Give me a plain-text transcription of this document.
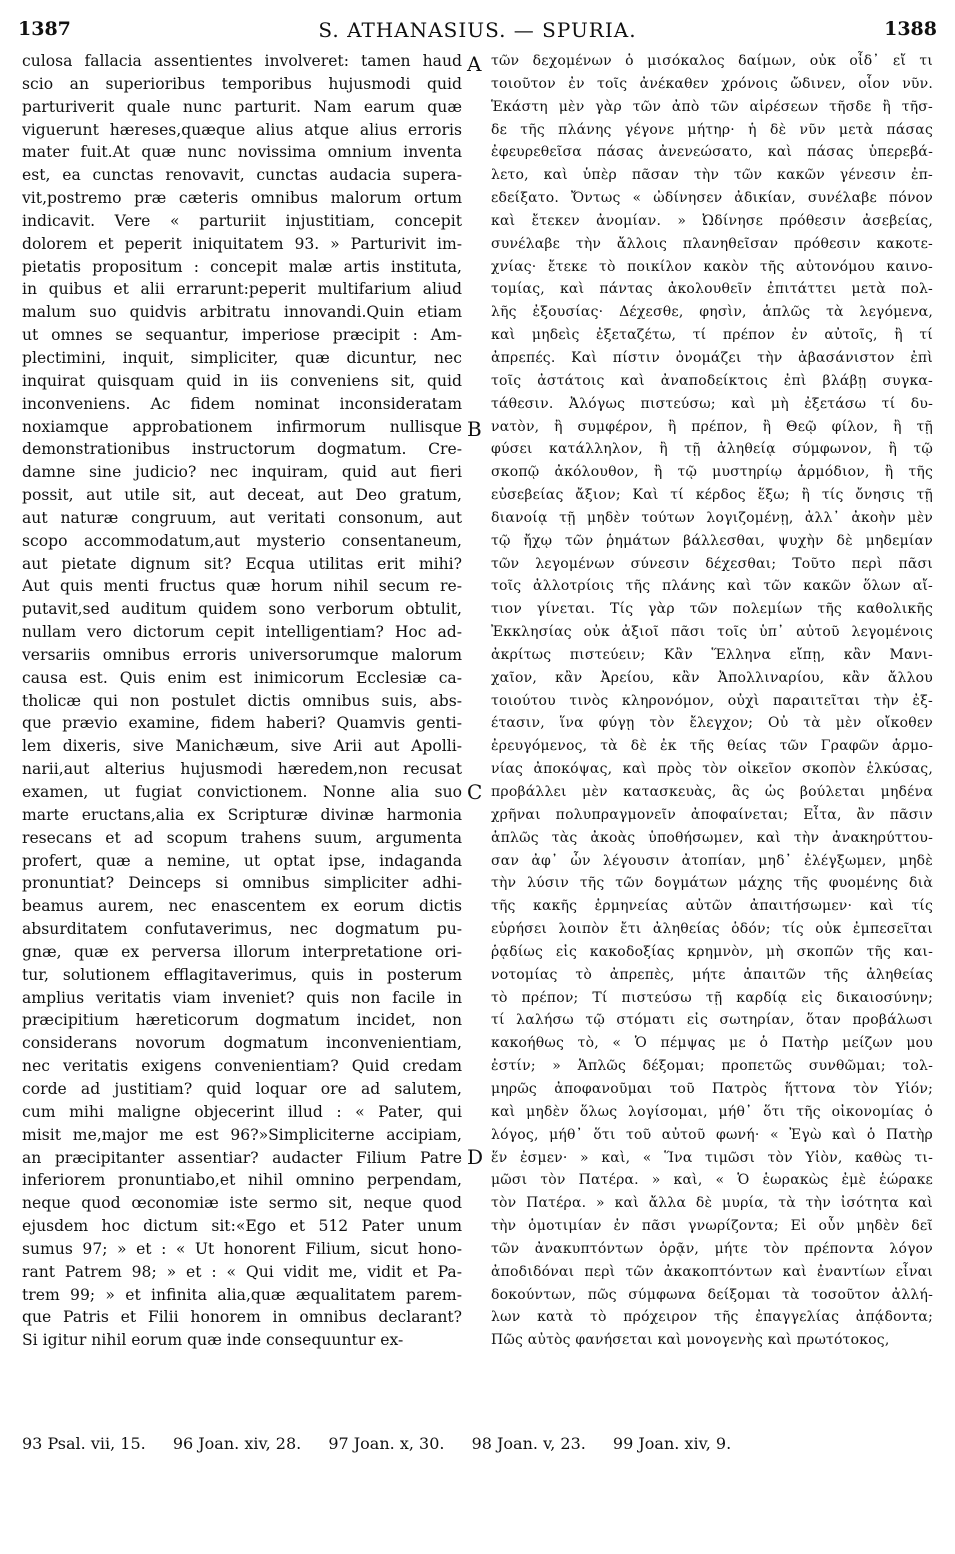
1387	S. ATHANASIUS. — SPURIA.	1388
culosa fallacia assentientes involveret: tamen haud
scio an superioribus temporibus hujusmodi quid
parturiverit quale nunc parturit. Nam earum quæ
viguerunt hæreses,quæque alius atque alius erroris
mater fuit.At quæ nunc novissima omnium inventa
est, ea cunctas renovavit, cunctas audacia supera-
vit,postremo præ cæteris omnibus malorum ortum
indicavit. Vere « parturiit injustitiam, concepit
dolorem et peperit iniquitatem 93. » Parturivit im-
pietatis propositum : concepit malæ artis instituta,
in quibus et alii errarunt:peperit multifarium aliud
malum suo quidvis arbitratu innovandi.Quin etiam
ut omnes se sequantur, imperiose præcipit : Am-
plectimini, inquit, simpliciter, quæ dicuntur, nec
inquirat quisquam quid in iis conveniens sit, quid
inconveniens. Ac fidem nominat inconsideratam
noxiamque approbationem infirmorum nullisque
demonstrationibus instructorum dogmatum. Cre-
damne sine judicio? nec inquiram, quid aut fieri
possit, aut utile sit, aut deceat, aut Deo gratum,
aut naturæ congruum, aut veritati consonum, aut
scopo accommodatum,aut mysterio consentaneum,
aut pietate dignum sit? Ecqua utilitas erit mihi?
Aut quis menti fructus quæ horum nihil secum re-
putavit,sed auditum quidem sono verborum obtulit,
nullam vero dictorum cepit intelligentiam? Hoc ad-
versariis omnibus erroris universorumque malorum
causa est. Quis enim est inimicorum Ecclesiæ ca-
tholicæ qui non postulet dictis omnibus suis, abs-
que prævio examine, fidem haberi? Quamvis genti-
lem dixeris, sive Manichæum, sive Arii aut Apolli-
narii,aut alterius hujusmodi hæredem,non recusat
examen, ut fugiat convictionem. Nonne alia suo
marte eructans,alia ex Scripturæ divinæ harmonia
resecans et ad scopum trahens suum, argumenta
profert, quæ a nemine, ut optat ipse, indaganda
pronuntiat? Deinceps si omnibus simpliciter adhi-
beamus aurem, nec enascentem ex eorum dictis
absurditatem confutaverimus, nec dogmatum pu-
gnæ, quæ ex perversa illorum interpretatione ori-
tur, solutionem efflagitaverimus, quis in posterum
amplius veritatis viam inveniet? quis non facile in
præcipitium hæreticorum dogmatum incidet, non
considerans novorum dogmatum inconvenientiam,
nec veritatis exigens convenientiam? Quid credam
corde ad justitiam? quid loquar ore ad salutem,
cum mihi maligne objecerint illud : « Pater, qui
misit me,major me est 96?»Simpliciterne accipiam,
an præcipitanter assentiar? audacter Filium Patre
inferiorem pronuntiabo,et nihil omnino perpendam,
neque quod œconomiæ iste sermo sit, neque quod
ejusdem hoc dictum sit:«Ego et 512 Pater unum
sumus 97; » et : « Ut honorent Filium, sicut hono-
rant Patrem 98; » et : « Qui vidit me, vidit et Pa-
trem 99; » et infinita alia,quæ æqualitatem parem-
que Patris et Filii honorem in omnibus declarant?
Si igitur nihil eorum quæ inde consequuntur ex-
τῶν δεχομένων ὁ μισόκαλος δαίμων, οὐκ οἶδ᾽ εἴ τι
τοιοῦτον ἐν τοῖς ἀνέκαθεν χρόνοις ὤδινεν, οἷον νῦν.
Ἑκάστη μὲν γὰρ τῶν ἀπὸ τῶν αἱρέσεων τῆσδε ἢ τῆσ-
δε τῆς πλάνης γέγονε μήτηρ· ἡ δὲ νῦν μετὰ πάσας
ἐφευρεθεῖσα πάσας ἀνενεώσατο, καὶ πάσας ὑπερεβά-
λετο, καὶ ὑπὲρ πᾶσαν τὴν τῶν κακῶν γένεσιν ἐπ-
εδείξατο. Ὄντως « ὠδίνησεν ἀδικίαν, συνέλαβε πόνον
καὶ ἔτεκεν ἀνομίαν. » Ὠδίνησε πρόθεσιν ἀσεβείας,
συνέλαβε τὴν ἄλλοις πλανηθεῖσαν πρόθεσιν κακοτε-
χνίας· ἔτεκε τὸ ποικίλον κακὸν τῆς αὐτονόμου καινο-
τομίας, καὶ πάντας ἀκολουθεῖν ἐπιτάττει μετὰ πολ-
λῆς ἐξουσίας· Δέχεσθε, φησὶν, ἁπλῶς τὰ λεγόμενα,
καὶ μηδεὶς ἐξεταζέτω, τί πρέπον ἐν αὐτοῖς, ἢ τί
ἀπρεπές. Καὶ πίστιν ὀνομάζει τὴν ἀβασάνιστον ἐπὶ
τοῖς ἀστάτοις καὶ ἀναποδείκτοις ἐπὶ βλάβῃ συγκα-
τάθεσιν. Ἀλόγως πιστεύσω; καὶ μὴ ἐξετάσω τί δυ-
νατὸν, ἢ συμφέρον, ἢ πρέπον, ἢ Θεῷ φίλον, ἢ τῇ
φύσει κατάλληλον, ἢ τῇ ἀληθείᾳ σύμφωνον, ἢ τῷ
σκοπῷ ἀκόλουθον, ἢ τῷ μυστηρίῳ ἁρμόδιον, ἢ τῆς
εὐσεβείας ἄξιον; Καὶ τί κέρδος ἕξω; ἢ τίς ὄνησις τῇ
διανοίᾳ τῇ μηδὲν τούτων λογιζομένῃ, ἀλλ᾽ ἀκοὴν μὲν
τῷ ἤχῳ τῶν ῥημάτων βάλλεσθαι, ψυχὴν δὲ μηδεμίαν
τῶν λεγομένων σύνεσιν δέχεσθαι; Τοῦτο περὶ πᾶσι
τοῖς ἀλλοτρίοις τῆς πλάνης καὶ τῶν κακῶν ὅλων αἴ-
τιον γίνεται. Τίς γὰρ τῶν πολεμίων τῆς καθολικῆς
Ἐκκλησίας οὐκ ἀξιοῖ πᾶσι τοῖς ὑπ᾽ αὐτοῦ λεγομένοις
ἀκρίτως πιστεύειν; Κἂν Ἕλληνα εἴπῃ, κἂν Μανι-
χαῖον, κἂν Ἀρείου, κἂν Ἀπολλιναρίου, κἂν ἄλλου
τοιούτου τινὸς κληρονόμον, οὐχὶ παραιτεῖται τὴν ἐξ-
έτασιν, ἵνα φύγῃ τὸν ἔλεγχον; Οὐ τὰ μὲν οἴκοθεν
ἐρευγόμενος, τὰ δὲ ἐκ τῆς θείας τῶν Γραφῶν ἁρμο-
νίας ἀποκόψας, καὶ πρὸς τὸν οἰκεῖον σκοπὸν ἑλκύσας,
προβάλλει μὲν κατασκευὰς, ἃς ὡς βούλεται μηδένα
χρῆναι πολυπραγμονεῖν ἀποφαίνεται; Εἶτα, ἂν πᾶσιν
ἁπλῶς τὰς ἀκοὰς ὑποθήσωμεν, καὶ τὴν ἀνακηρύττου-
σαν ἀφ᾽ ὧν λέγουσιν ἀτοπίαν, μηδ᾽ ἐλέγξωμεν, μηδὲ
τὴν λύσιν τῆς τῶν δογμάτων μάχης τῆς φυομένης διὰ
τῆς κακῆς ἑρμηνείας αὐτῶν ἀπαιτήσωμεν· καὶ τίς
εὑρήσει λοιπὸν ἔτι ἀληθείας ὁδόν; τίς οὐκ ἐμπεσεῖται
ῥᾳδίως εἰς κακοδοξίας κρημνὸν, μὴ σκοπῶν τῆς και-
νοτομίας τὸ ἀπρεπὲς, μήτε ἀπαιτῶν τῆς ἀληθείας
τὸ πρέπον; Τί πιστεύσω τῇ καρδίᾳ εἰς δικαιοσύνην;
τί λαλήσω τῷ στόματι εἰς σωτηρίαν, ὅταν προβάλωσι
κακοήθως τὸ, « Ὁ πέμψας με ὁ Πατὴρ μείζων μου
ἐστίν; » Ἁπλῶς δέξομαι; προπετῶς συνθῶμαι; τολ-
μηρῶς ἀποφανοῦμαι τοῦ Πατρὸς ἥττονα τὸν Υἱόν;
καὶ μηδὲν ὅλως λογίσομαι, μήθ᾽ ὅτι τῆς οἰκονομίας ὁ
λόγος, μήθ᾽ ὅτι τοῦ αὐτοῦ φωνή· « Ἐγὼ καὶ ὁ Πατὴρ
ἕν ἐσμεν· » καὶ, « Ἵνα τιμῶσι τὸν Υἱὸν, καθὼς τι-
μῶσι τὸν Πατέρα. » καὶ, « Ὁ ἑωρακὼς ἐμὲ ἑώρακε
τὸν Πατέρα. » καὶ ἄλλα δὲ μυρία, τὰ τὴν ἰσότητα καὶ
τὴν ὁμοτιμίαν ἐν πᾶσι γνωρίζοντα; Εἰ οὖν μηδὲν δεῖ
τῶν ἀνακυπτόντων ὁρᾷν, μήτε τὸν πρέποντα λόγον
ἀποδιδόναι περὶ τῶν ἀκακοπτόντων καὶ ἐναντίων εἶναι
δοκούντων, πῶς σύμφωνα δείξομαι τὰ τοσοῦτον ἀλλή-
λων κατὰ τὸ πρόχειρον τῆς ἐπαγγελίας ἀπᾴδοντα;
Πῶς αὐτὸς φανήσεται καὶ μονογενὴς καὶ πρωτότοκος,
A
B
C
D
93 Psal. vii, 15. 96 Joan. xiv, 28. 97 Joan. x, 30. 98 Joan. v, 23. 99 Joan. xiv, 9.
